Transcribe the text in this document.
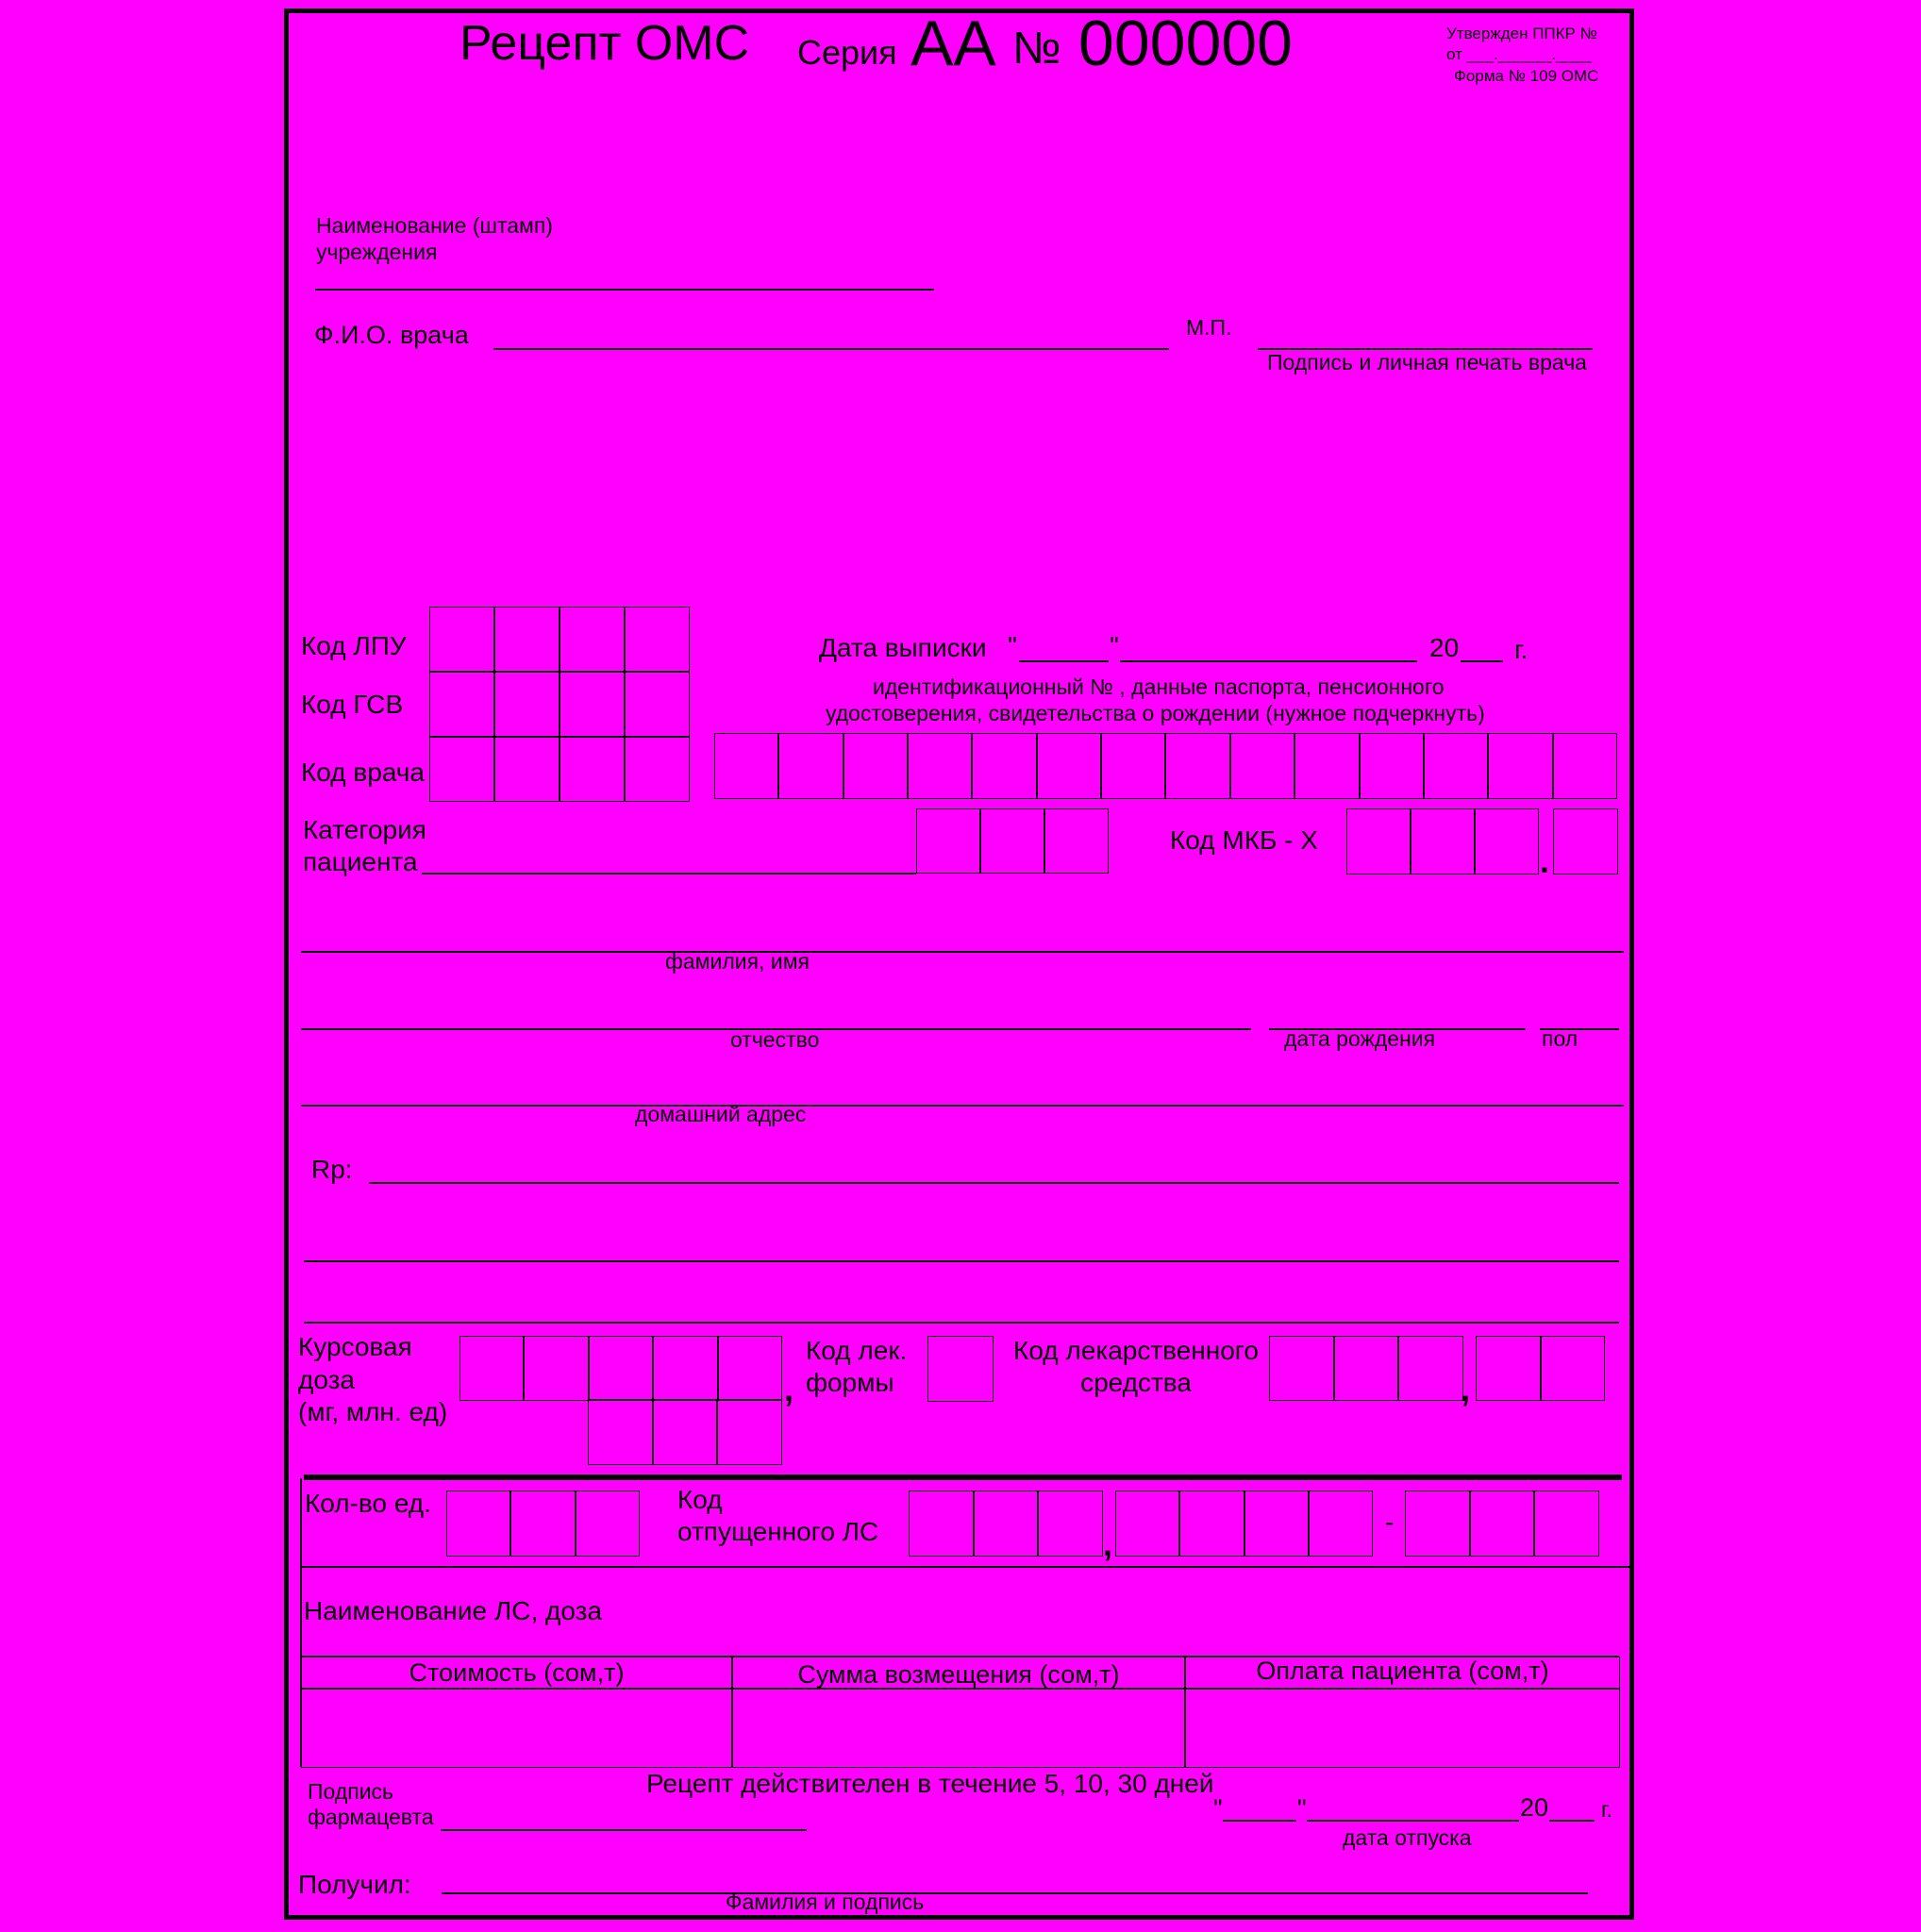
Рецепт ОМС Серия АА № 000000	Утвержден ППКР №
от ___.______.____
Форма № 109 ОМС
Наименование (штамп)
учреждения
Ф.И.О. врача	М.П.
Подпись и личная печать врача
Код ЛПУ
Код ГСВ
Код врача
Дата выписки "	"	20 г.
идентификационный № , данные паспорта, пенсионного
удостоверения, свидетельства о рождении (нужное подчеркнуть)
Категория
пациента
Код МКБ - Х
.
фамилия, имя
отчество	дата рождения	пол
домашний адрес
Rp:
Курсовая
доза
(мг, млн. ед)
,
Код лек.
формы
Код лекарственного
средства	,
Кол-во ед.	Код
отпущенного ЛС	,
-
Наименование ЛС, доза
Стоимость (сом,т)	Сумма возмещения (сом,т)	Оплата пациента (сом,т)
Подпись
фармацевта
Рецепт действителен в течение 5, 10, 30 дней
"	"	20 г.
дата отпуска
Получил:
Фамилия и подпись
